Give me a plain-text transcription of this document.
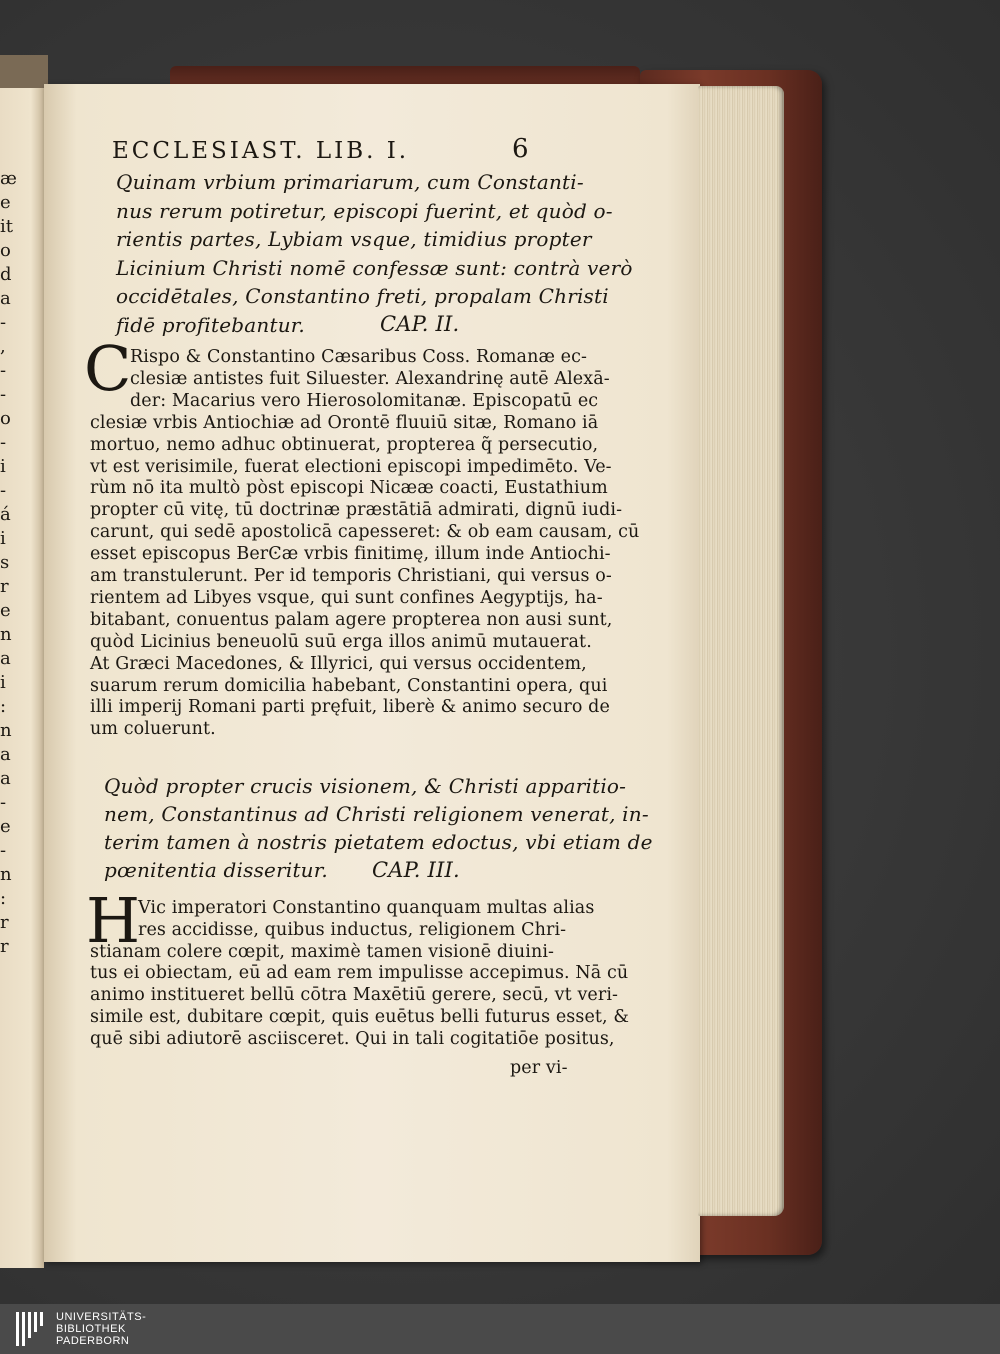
æ
e
it
o
d
a
-
,
-
-
o
-
i
-
á
i
s
r
e
n
a
i
:
n
a
a
-
e
-
n
:
r
r
ECCLESIAST. LIB. I.	6
Quinam vrbium primariarum, cum Constanti-
nus rerum potiretur, episcopi fuerint, et quòd o-
rientis partes, Lybiam vsque, timidius propter
Licinium Christi nomē confessæ sunt: contrà verò
occidētales, Constantino freti, propalam Christi
fidē profitebantur.	CAP. II.
C
Rispo & Constantino Cæsaribus Coss. Romanæ ec-
clesiæ antistes fuit Siluester. Alexandrinę autē Alexā-
der: Macarius vero Hierosolomitanæ. Episcopatū ec
clesiæ vrbis Antiochiæ ad Orontē fluuiū sitæ, Romano iā
mortuo, nemo adhuc obtinuerat, propterea q̃ persecutio,
vt est verisimile, fuerat electioni episcopi impedimēto. Ve-
rùm nō ita multò pòst episcopi Nicææ coacti, Eustathium
propter cū vitę, tū doctrinæ præstātiā admirati, dignū iudi-
carunt, qui sedē apostolicā capesseret: & ob eam causam, cū
esset episcopus BerϾæ vrbis finitimę, illum inde Antiochi-
am transtulerunt. Per id temporis Christiani, qui versus o-
rientem ad Libyes vsque, qui sunt confines Aegyptijs, ha-
bitabant, conuentus palam agere propterea non ausi sunt,
quòd Licinius beneuolū suū erga illos animū mutauerat.
At Græci Macedones, & Illyrici, qui versus occidentem,
suarum rerum domicilia habebant, Constantini opera, qui
illi imperij Romani parti pręfuit, liberè & animo securo de
um coluerunt.
Quòd propter crucis visionem, & Christi apparitio-
nem, Constantinus ad Christi religionem venerat, in-
terim tamen à nostris pietatem edoctus, vbi etiam de
pœnitentia disseritur. CAP. III.
H
Vic imperatori Constantino quanquam multas alias
res accidisse, quibus inductus, religionem Chri-
stianam colere cœpit, maximè tamen visionē diuini-
tus ei obiectam, eū ad eam rem impulisse accepimus. Nā cū
animo institueret bellū cōtra Maxētiū gerere, secū, vt veri-
simile est, dubitare cœpit, quis euētus belli futurus esset, &
quē sibi adiutorē asciisceret. Qui in tali cogitatiōe positus,
per vi-
UNIVERSITÄTS-
BIBLIOTHEK
PADERBORN
